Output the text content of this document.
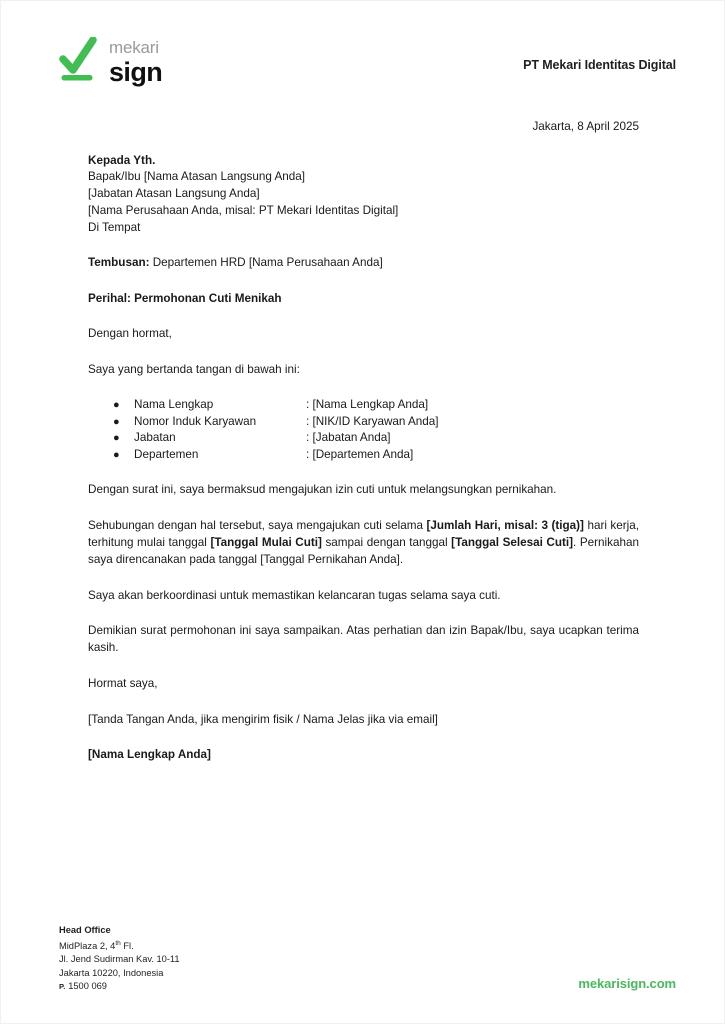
mekari
sign	PT Mekari Identitas Digital
Jakarta, 8 April 2025
Kepada Yth.
Bapak/Ibu [Nama Atasan Langsung Anda]
[Jabatan Atasan Langsung Anda]
[Nama Perusahaan Anda, misal: PT Mekari Identitas Digital]
Di Tempat
Tembusan: Departemen HRD [Nama Perusahaan Anda]
Perihal: Permohonan Cuti Menikah
Dengan hormat,
Saya yang bertanda tangan di bawah ini:
● Nama Lengkap	: [Nama Lengkap Anda]
● Nomor Induk Karyawan	: [NIK/ID Karyawan Anda]
● Jabatan	: [Jabatan Anda]
● Departemen	: [Departemen Anda]

Dengan surat ini, saya bermaksud mengajukan izin cuti untuk melangsungkan pernikahan.

Sehubungan dengan hal tersebut, saya mengajukan cuti selama [Jumlah Hari, misal: 3 (tiga)] hari kerja, terhitung mulai tanggal [Tanggal Mulai Cuti] sampai dengan tanggal [Tanggal Selesai Cuti]. Pernikahan saya direncanakan pada tanggal [Tanggal Pernikahan Anda].

Saya akan berkoordinasi untuk memastikan kelancaran tugas selama saya cuti.

Demikian surat permohonan ini saya sampaikan. Atas perhatian dan izin Bapak/Ibu, saya ucapkan terima kasih.

Hormat saya,
[Tanda Tangan Anda, jika mengirim fisik / Nama Jelas jika via email]
[Nama Lengkap Anda]
Head Office
MidPlaza 2, 4th Fl.
Jl. Jend Sudirman Kav. 10-11
Jakarta 10220, Indonesia
P. 1500 069	mekarisign.com
